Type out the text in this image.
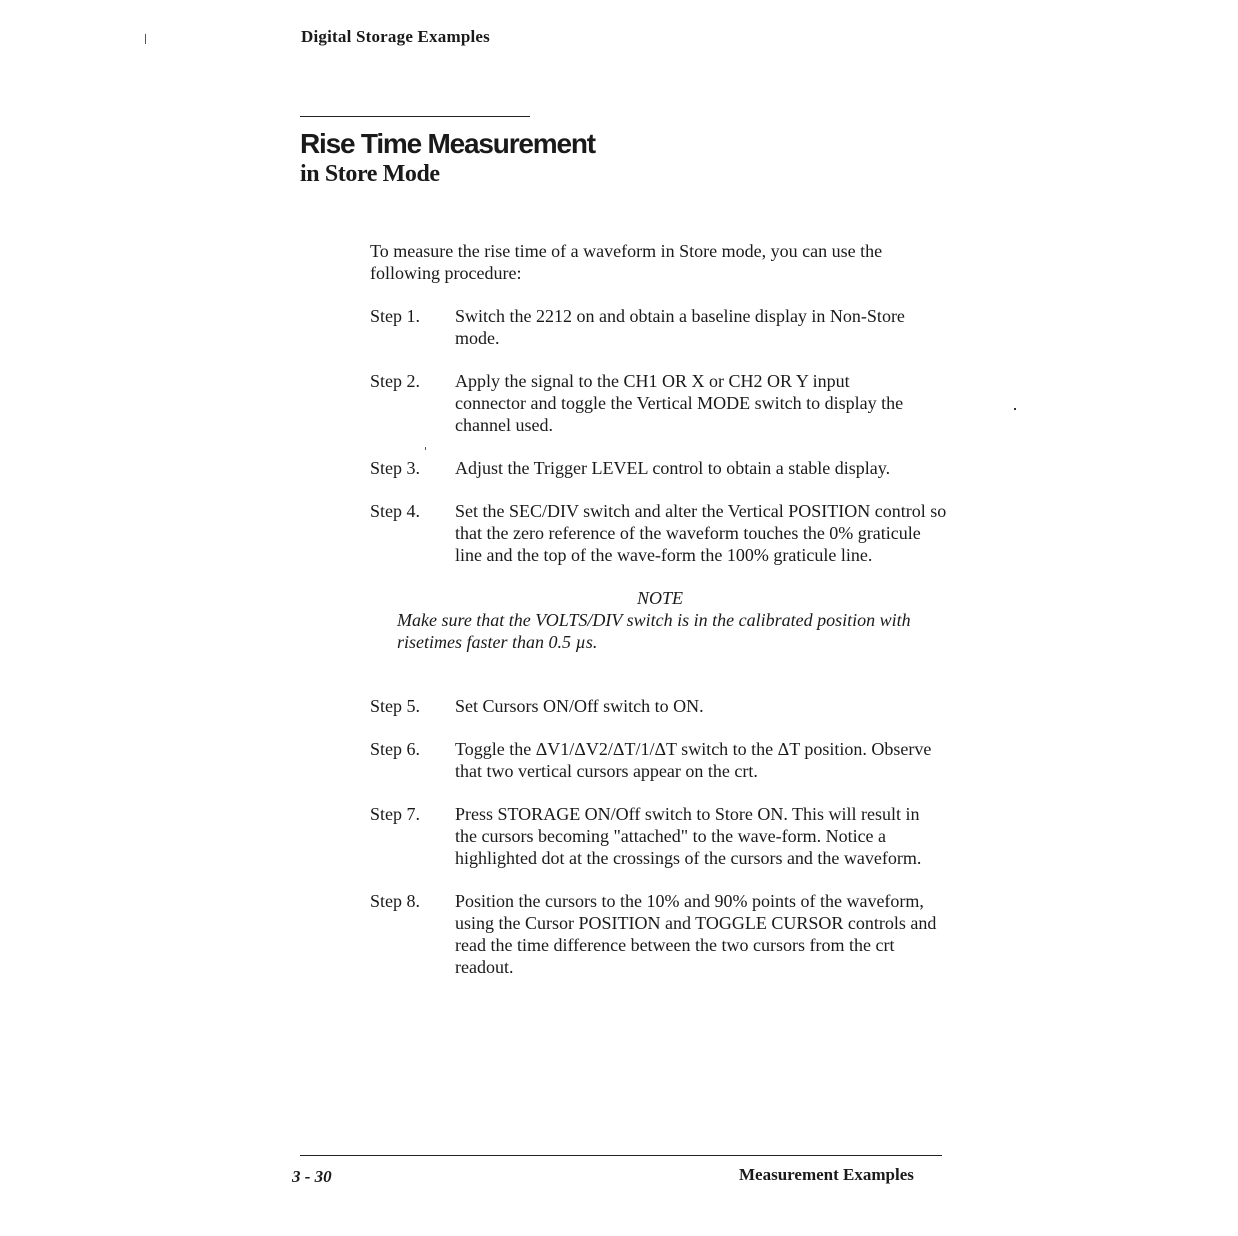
Digital Storage Examples
Rise Time Measurement
in Store Mode

To measure the rise time of a waveform in Store mode, you can use the following procedure:

Step 1.	Switch the 2212 on and obtain a baseline display in Non-Store mode.
Step 2.	Apply the signal to the CH1 OR X or CH2 OR Y input connector and toggle the Vertical MODE switch to display the channel used.
Step 3.	Adjust the Trigger LEVEL control to obtain a stable display.
Step 4.	Set the SEC/DIV switch and alter the Vertical POSITION control so that the zero reference of the waveform touches the 0% graticule line and the top of the wave-form the 100% graticule line.
NOTE
Make sure that the VOLTS/DIV switch is in the calibrated position with risetimes faster than 0.5 µs.
Step 5.	Set Cursors ON/Off switch to ON.
Step 6.	Toggle the ΔV1/ΔV2/ΔT/1/ΔT switch to the ΔT position. Observe that two vertical cursors appear on the crt.
Step 7.	Press STORAGE ON/Off switch to Store ON. This will result in the cursors becoming "attached" to the wave-form. Notice a highlighted dot at the crossings of the cursors and the waveform.
Step 8.	Position the cursors to the 10% and 90% points of the waveform, using the Cursor POSITION and TOGGLE CURSOR controls and read the time difference between the two cursors from the crt readout.
3 - 30	Measurement Examples
